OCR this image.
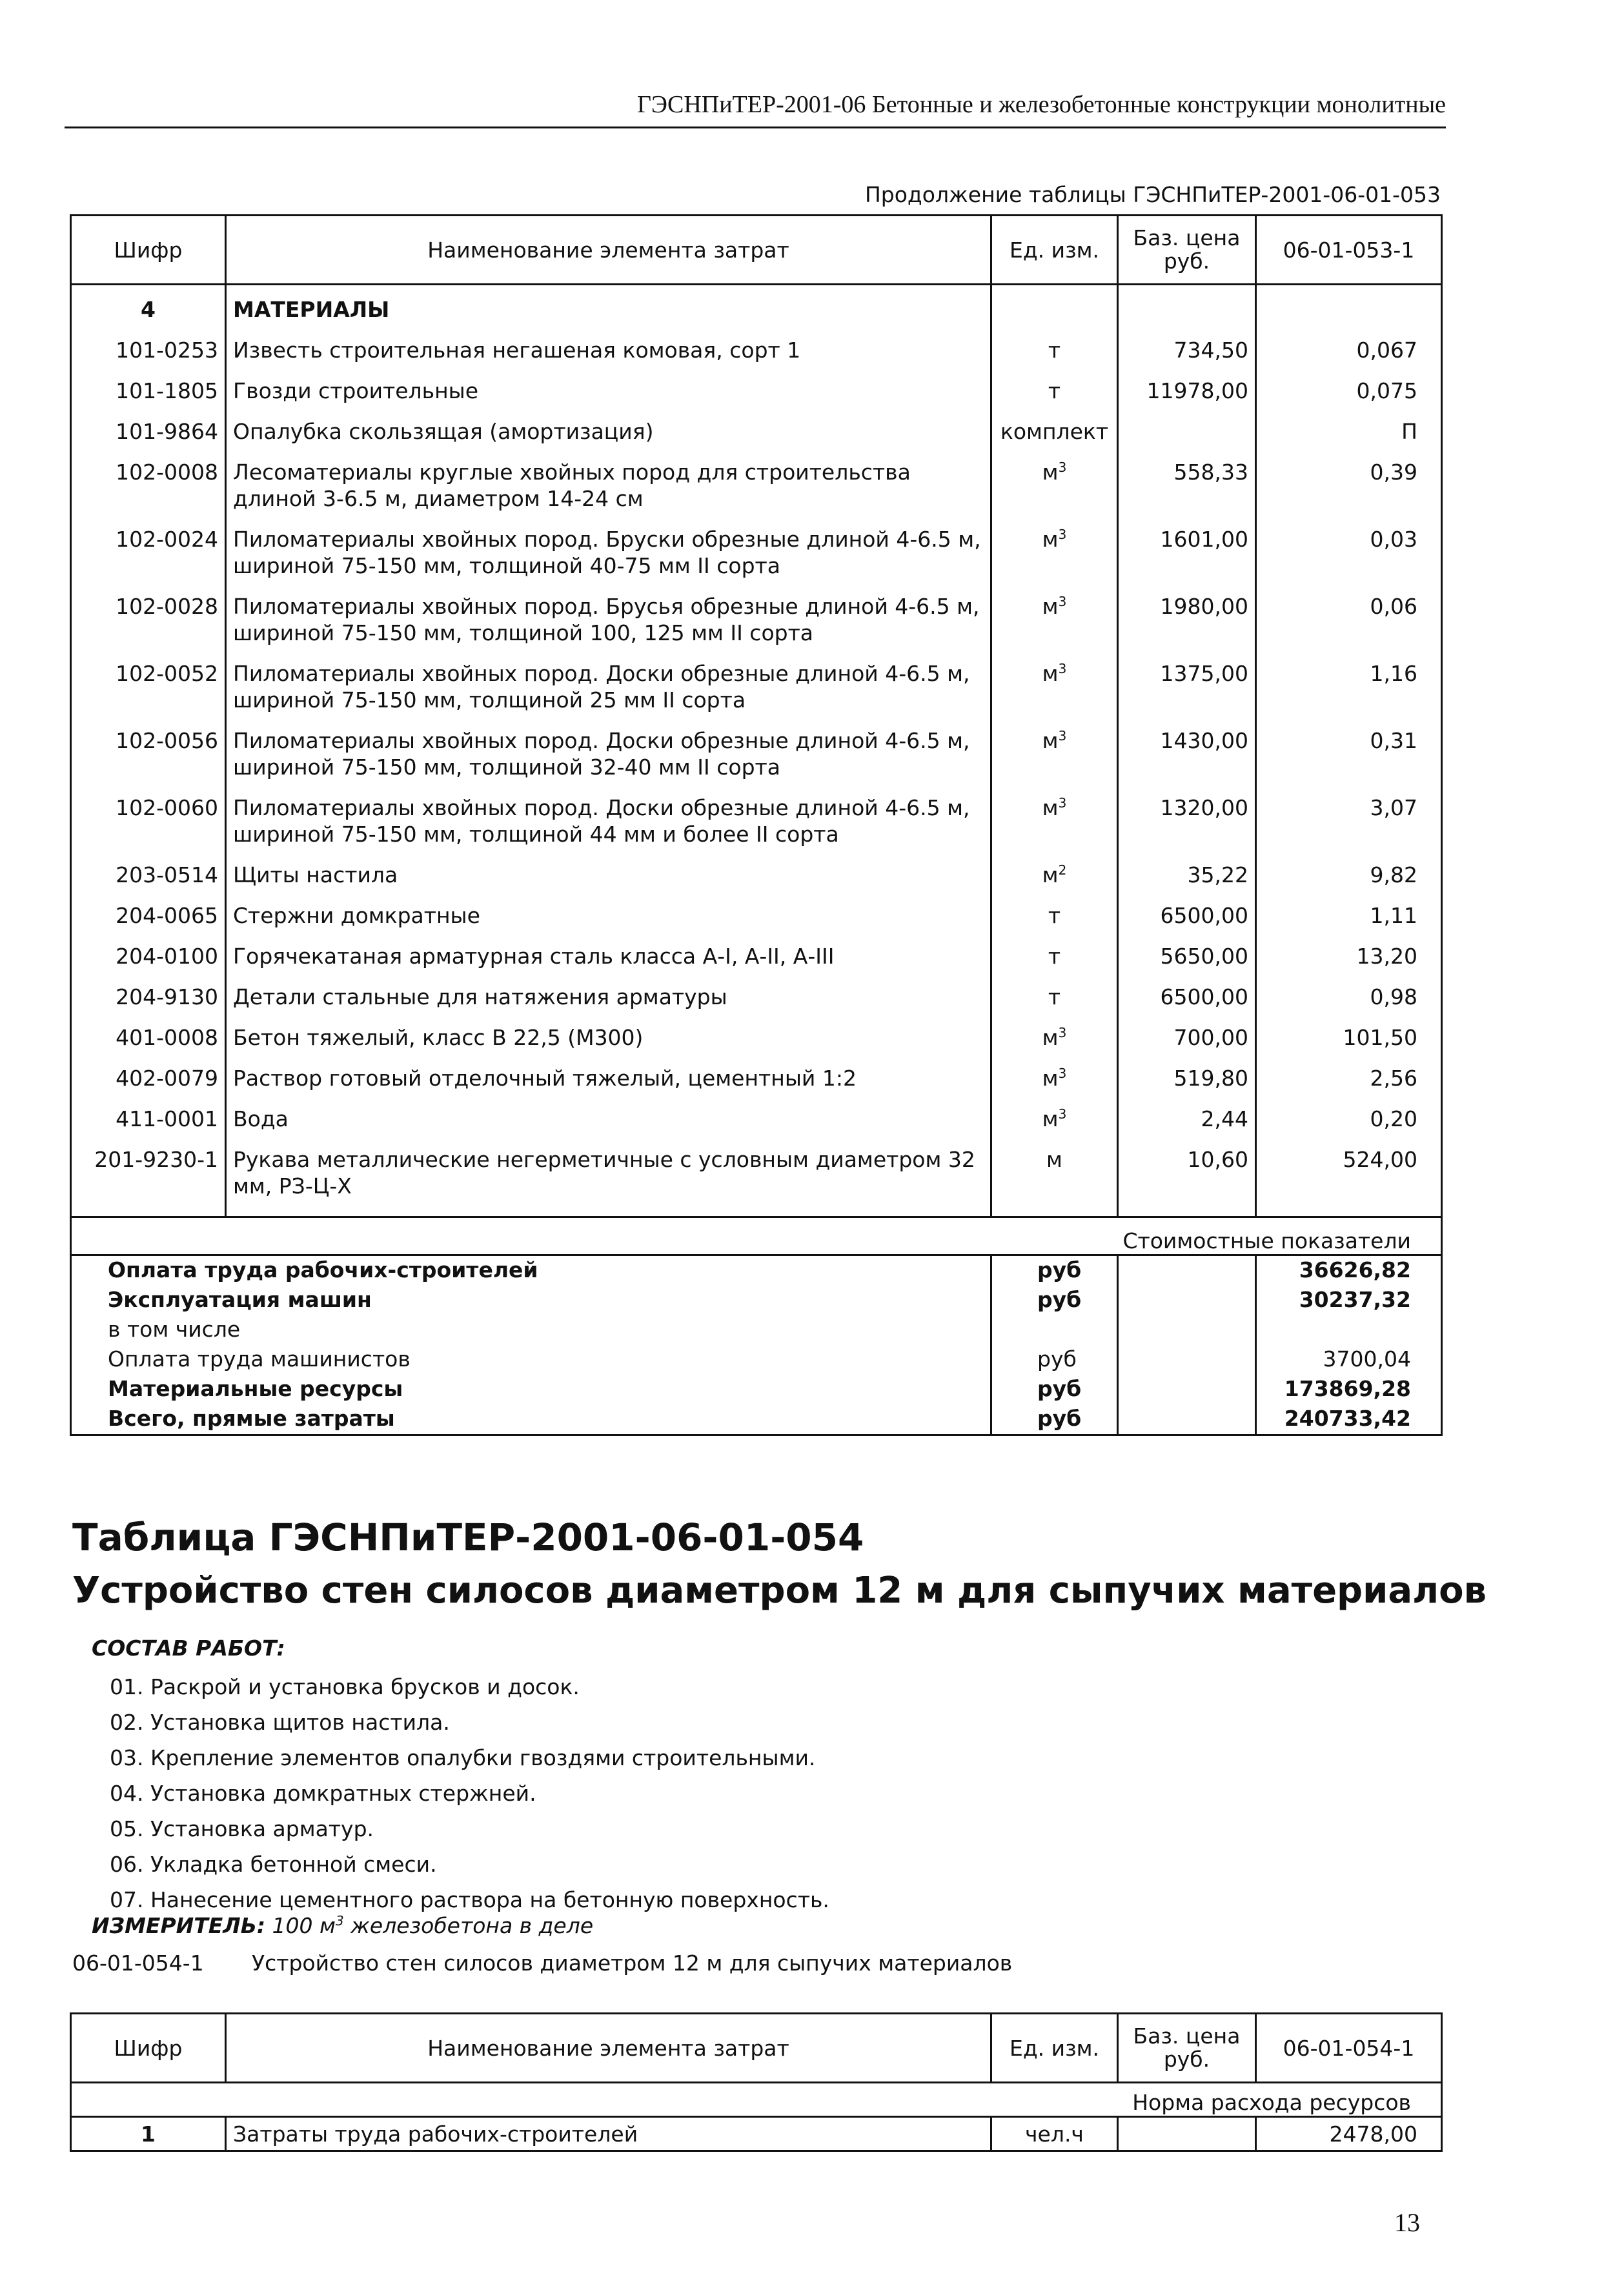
ГЭСНПиТЕР-2001-06 Бетонные и железобетонные конструкции монолитные
Продолжение таблицы ГЭСНПиТЕР-2001-06-01-053
Шифр	Наименование элемента затрат	Ед. изм.	Баз. цена руб.	06-01-053-1
4	МАТЕРИАЛЫ			
101-0253	Известь строительная негашеная комовая, сорт 1	т	734,50	0,067
101-1805	Гвозди строительные	т	11978,00	0,075
101-9864	Опалубка скользящая (амортизация)	комплект		П
102-0008	Лесоматериалы круглые хвойных пород для строительства длиной 3-6.5 м, диаметром 14-24 см	$м^3$	558,33	0,39
102-0024	Пиломатериалы хвойных пород. Бруски обрезные длиной 4-6.5 м, шириной 75-150 мм, толщиной 40-75 мм II сорта	$м^3$	1601,00	0,03
102-0028	Пиломатериалы хвойных пород. Брусья обрезные длиной 4-6.5 м, шириной 75-150 мм, толщиной 100, 125 мм II сорта	$м^3$	1980,00	0,06
102-0052	Пиломатериалы хвойных пород. Доски обрезные длиной 4-6.5 м, шириной 75-150 мм, толщиной 25 мм II сорта	$м^3$	1375,00	1,16
102-0056	Пиломатериалы хвойных пород. Доски обрезные длиной 4-6.5 м, шириной 75-150 мм, толщиной 32-40 мм II сорта	$м^3$	1430,00	0,31
102-0060	Пиломатериалы хвойных пород. Доски обрезные длиной 4-6.5 м, шириной 75-150 мм, толщиной 44 мм и более II сорта	$м^3$	1320,00	3,07
203-0514	Щиты настила	$м^2$	35,22	9,82
204-0065	Стержни домкратные	т	6500,00	1,11
204-0100	Горячекатаная арматурная сталь класса А-I, А-II, А-III	т	5650,00	13,20
204-9130	Детали стальные для натяжения арматуры	т	6500,00	0,98
401-0008	Бетон тяжелый, класс В 22,5 (М300)	$м^3$	700,00	101,50
402-0079	Раствор готовый отделочный тяжелый, цементный 1:2	$м^3$	519,80	2,56
411-0001	Вода	$м^3$	2,44	0,20
201-9230-1	Рукава металлические негерметичные с условным диаметром 32 мм, РЗ-Ц-Х	м	10,60	524,00
	Стоимостные показатели			
Оплата труда рабочих-строителей		руб		36626,82
Эксплуатация машин		руб		30237,32
в том числе				
Оплата труда машинистов		руб		3700,04
Материальные ресурсы		руб		173869,28
Всего, прямые затраты		руб		240733,42
Таблица ГЭСНПиТЕР-2001-06-01-054
Устройство стен силосов диаметром 12 м для сыпучих материалов
СОСТАВ РАБОТ:
01. Раскрой и установка брусков и досок.
02. Установка щитов настила.
03. Крепление элементов опалубки гвоздями строительными.
04. Установка домкратных стержней.
05. Установка арматур.
06. Укладка бетонной смеси.
07. Нанесение цементного раствора на бетонную поверхность.
ИЗМЕРИТЕЛЬ: 100 $м^3$ железобетона в деле
06-01-054-1 Устройство стен силосов диаметром 12 м для сыпучих материалов
Шифр	Наименование элемента затрат	Ед. изм.	Баз. цена руб.	06-01-054-1
	Норма расхода ресурсов			
1	Затраты труда рабочих-строителей	чел.ч		2478,00
13
